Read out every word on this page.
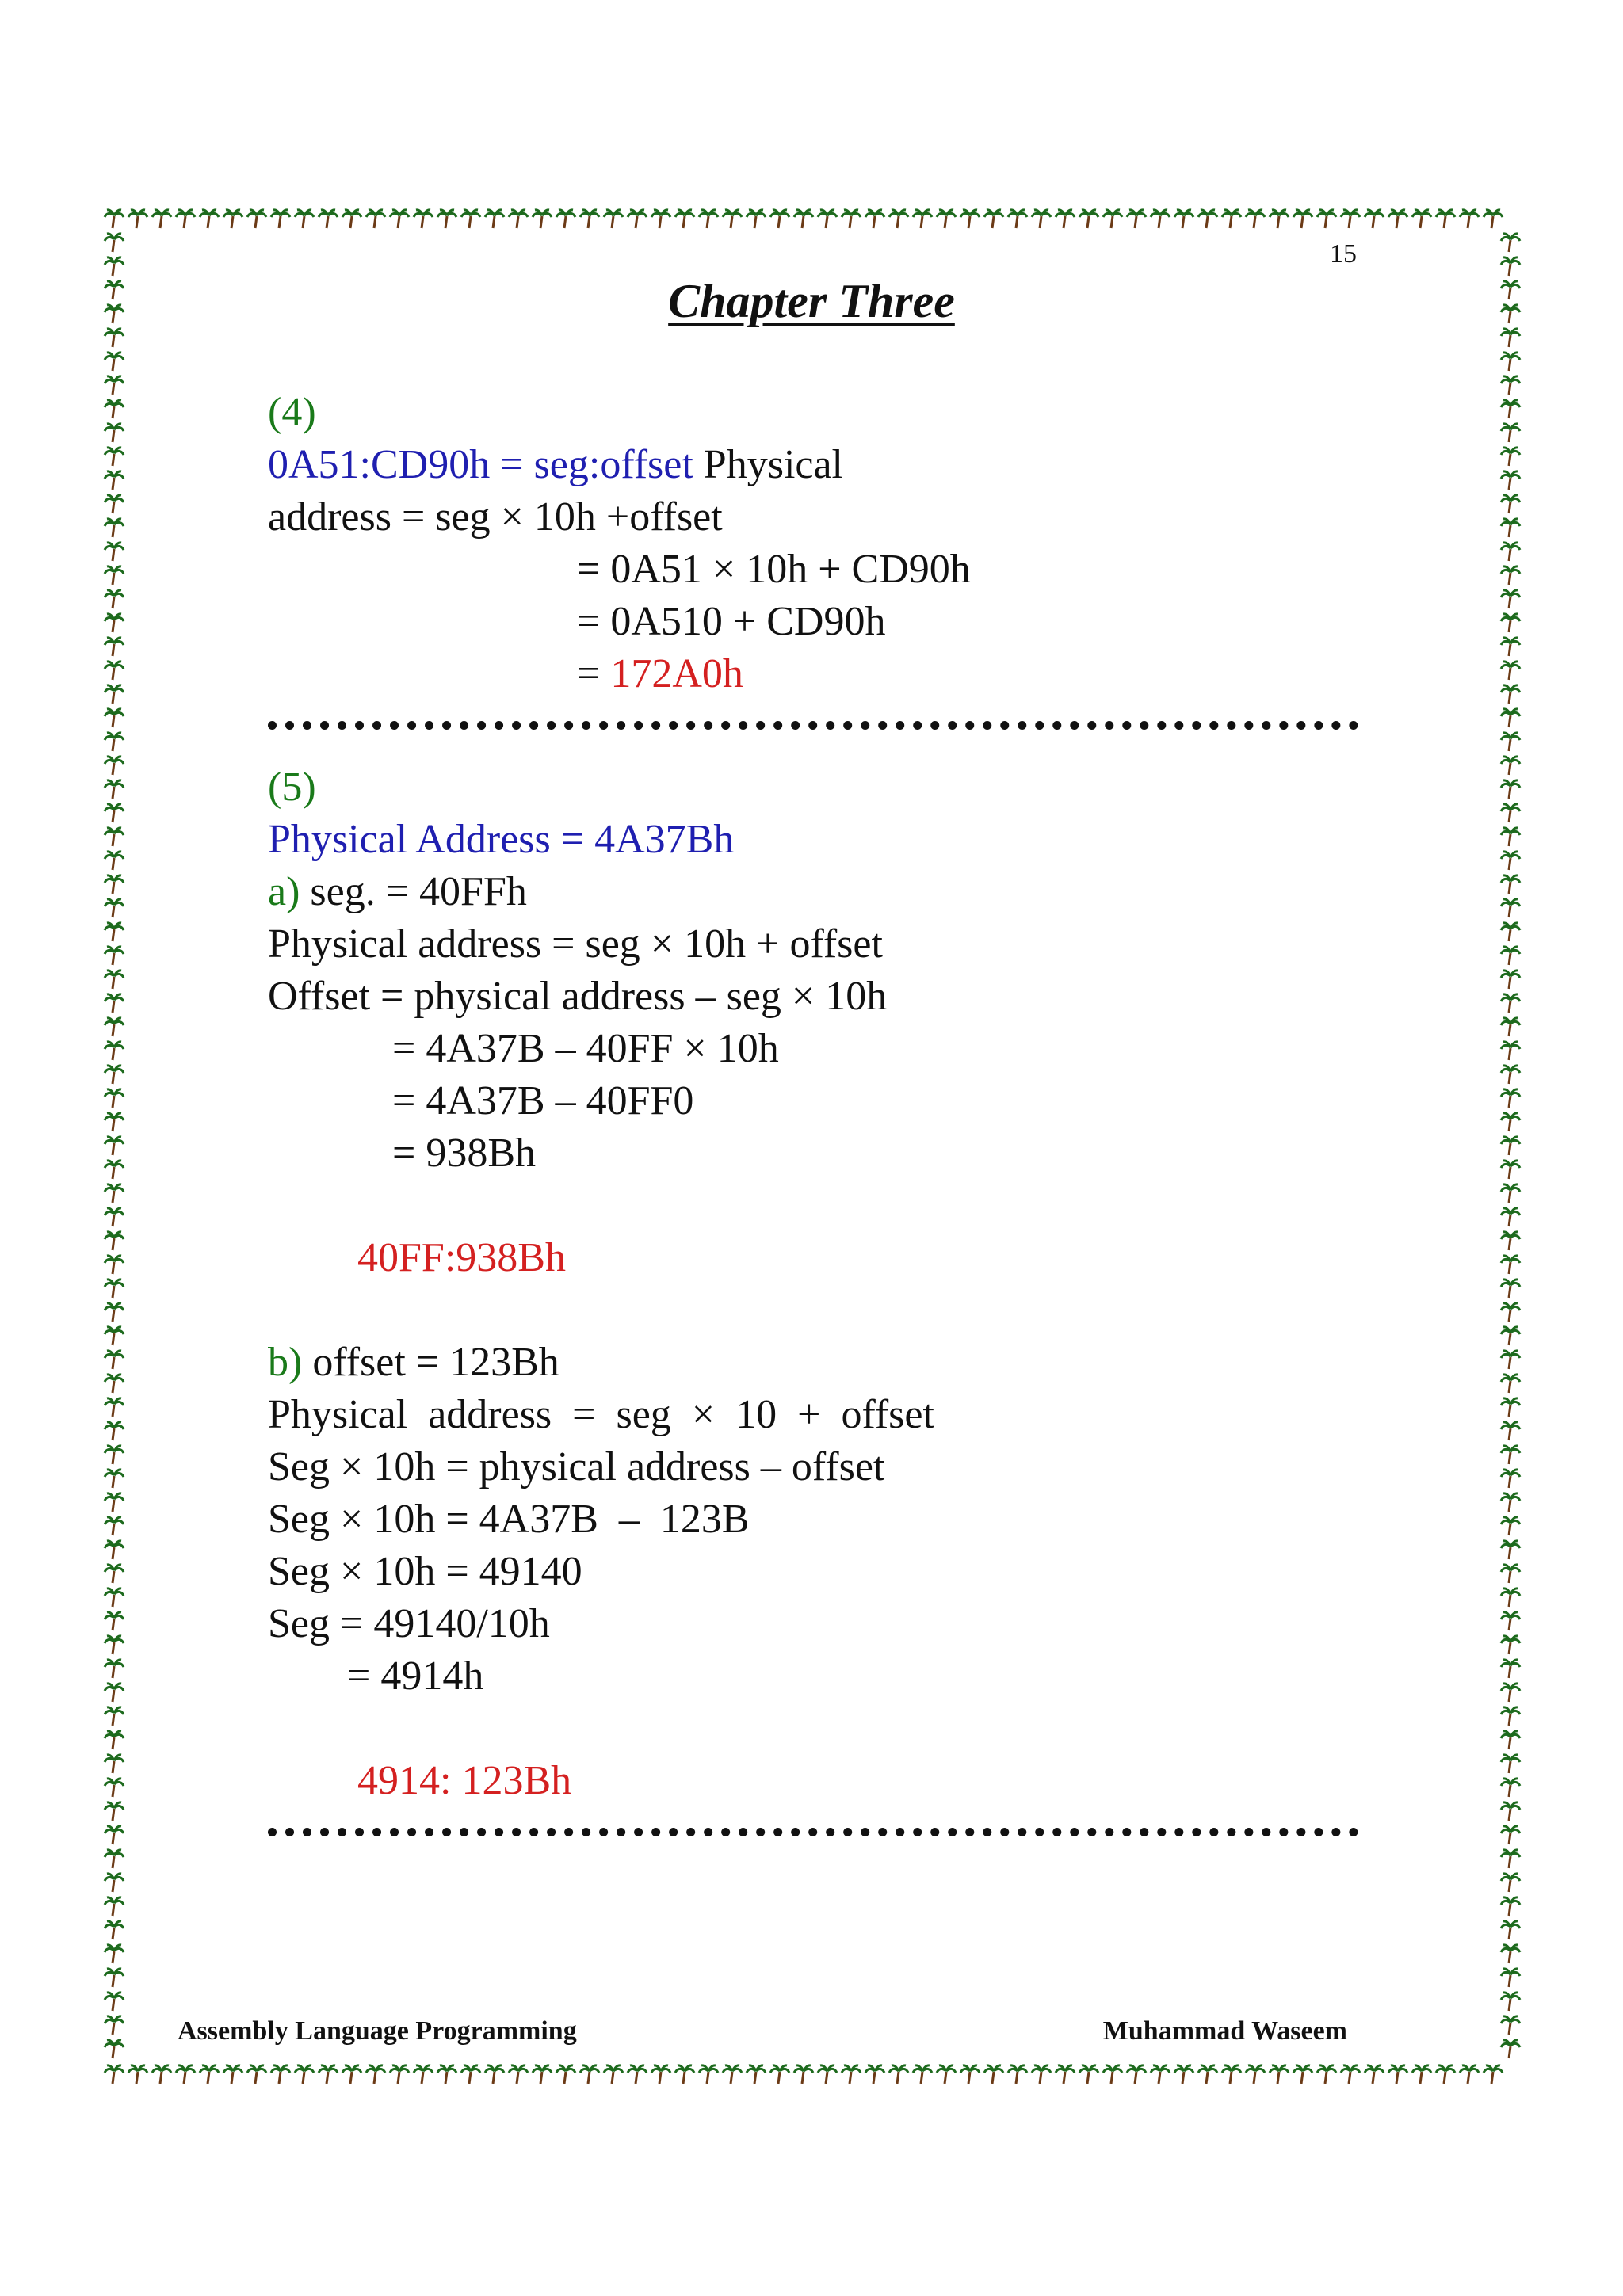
15
Chapter Three
(4)
0A51:CD90h = seg:offset Physical
address = seg × 10h +offset
= 0A51 × 10h + CD90h
= 0A510 + CD90h
= 172A0h
(5)
Physical Address = 4A37Bh
a) seg. = 40FFh
Physical address = seg × 10h + offset
Offset = physical address – seg × 10h
= 4A37B – 40FF × 10h
= 4A37B – 40FF0
= 938Bh
40FF:938Bh
b) offset = 123Bh
Physical  address  =  seg  ×  10  +  offset
Seg × 10h = physical address – offset
Seg × 10h = 4A37B  –  123B
Seg × 10h = 49140
Seg = 49140/10h
= 4914h
4914: 123Bh
Assembly Language Programming	Muhammad Waseem
